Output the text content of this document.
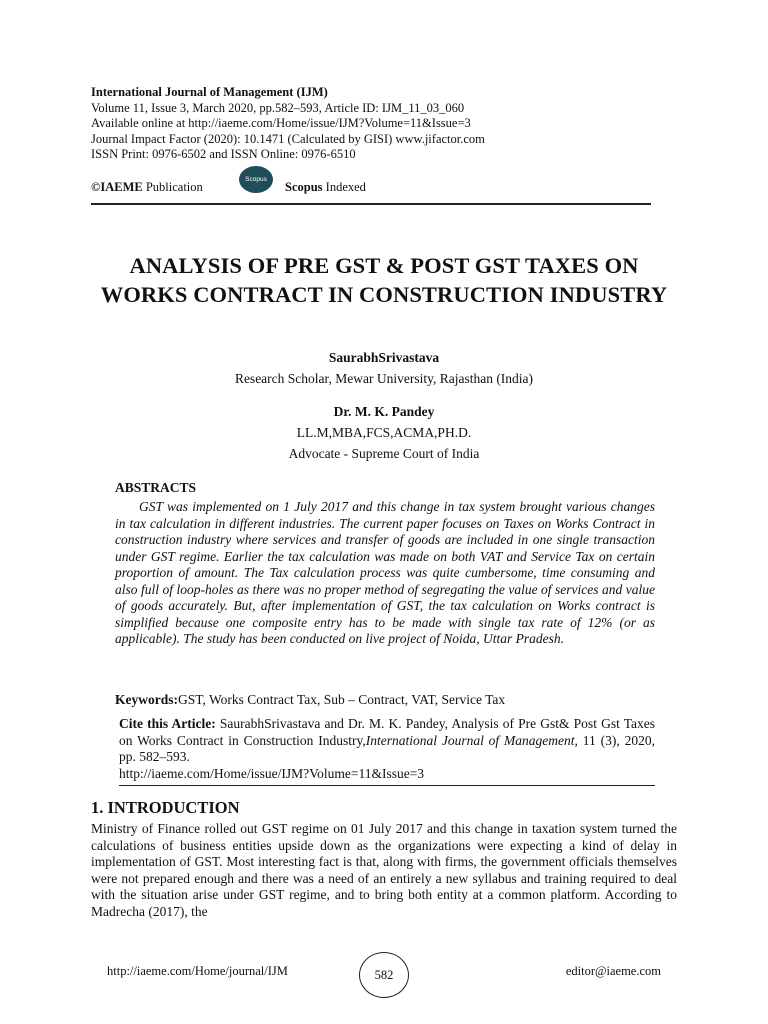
International Journal of Management (IJM)
Volume 11, Issue 3, March 2020, pp.582–593, Article ID: IJM_11_03_060
Available online at http://iaeme.com/Home/issue/IJM?Volume=11&Issue=3
Journal Impact Factor (2020): 10.1471 (Calculated by GISI) www.jifactor.com
ISSN Print: 0976-6502 and ISSN Online: 0976-6510
©IAEME Publication
Scopus
Scopus Indexed
ANALYSIS OF PRE GST & POST GST TAXES ON WORKS CONTRACT IN CONSTRUCTION INDUSTRY
SaurabhSrivastava
Research Scholar, Mewar University, Rajasthan (India)
Dr. M. K. Pandey
LL.M,MBA,FCS,ACMA,PH.D.
Advocate - Supreme Court of India
ABSTRACTS

GST was implemented on 1 July 2017 and this change in tax system brought various changes in tax calculation in different industries. The current paper focuses on Taxes on Works Contract in construction industry where services and transfer of goods are included in one single transaction under GST regime. Earlier the tax calculation was made on both VAT and Service Tax on certain proportion of amount. The Tax calculation process was quite cumbersome, time consuming and also full of loop-holes as there was no proper method of segregating the value of services and value of goods accurately. But, after implementation of GST, the tax calculation on Works contract is simplified because one composite entry has to be made with single tax rate of 12% (or as applicable). The study has been conducted on live project of Noida, Uttar Pradesh.

Keywords:GST, Works Contract Tax, Sub – Contract, VAT, Service Tax

Cite this Article: SaurabhSrivastava and Dr. M. K. Pandey, Analysis of Pre Gst& Post Gst Taxes on Works Contract in Construction Industry,International Journal of Management, 11 (3), 2020, pp. 582–593.
http://iaeme.com/Home/issue/IJM?Volume=11&Issue=3

1. INTRODUCTION

Ministry of Finance rolled out GST regime on 01 July 2017 and this change in taxation system turned the calculations of business entities upside down as the organizations were expecting a kind of delay in implementation of GST. Most interesting fact is that, along with firms, the government officials themselves were not prepared enough and there was a need of an entirely a new syllabus and training required to deal with the situation arise under GST regime, and to bring both entity at a common platform. According to Madrecha (2017), the

http://iaeme.com/Home/journal/IJM	582	editor@iaeme.com
